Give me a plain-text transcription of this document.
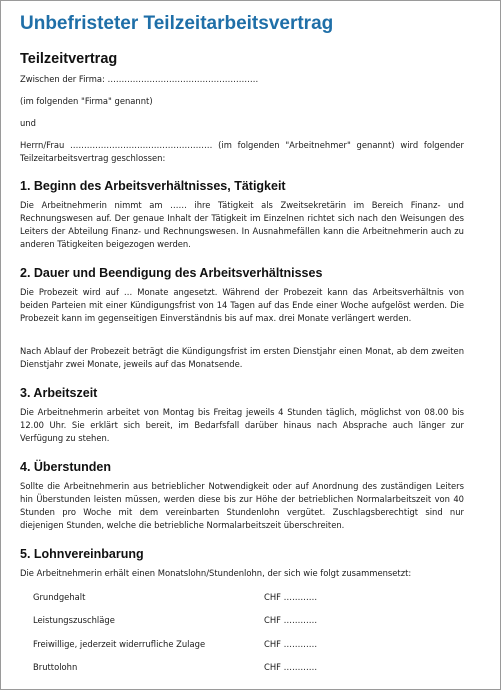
Unbefristeter Teilzeitarbeitsvertrag
Teilzeitvertrag
Zwischen der Firma: ………………………………………………
(im folgenden "Firma" genannt)
und
Herrn/Frau …………………………………………… (im folgenden "Arbeitnehmer" genannt) wird folgender Teilzeitarbeitsvertrag geschlossen:
1. Beginn des Arbeitsverhältnisses, Tätigkeit
Die Arbeitnehmerin nimmt am …… ihre Tätigkeit als Zweitsekretärin im Bereich Finanz- und Rechnungswesen auf. Der genaue Inhalt der Tätigkeit im Einzelnen richtet sich nach den Weisungen des Leiters der Abteilung Finanz- und Rechnungswesen. In Ausnahmefällen kann die Arbeitnehmerin auch zu anderen Tätigkeiten beigezogen werden.
2. Dauer und Beendigung des Arbeitsverhältnisses
Die Probezeit wird auf … Monate angesetzt. Während der Probezeit kann das Arbeitsverhältnis von beiden Parteien mit einer Kündigungsfrist von 14 Tagen auf das Ende einer Woche aufgelöst werden. Die Probezeit kann im gegenseitigen Einverständnis bis auf max. drei Monate verlängert werden.
Nach Ablauf der Probezeit beträgt die Kündigungsfrist im ersten Dienstjahr einen Monat, ab dem zweiten Dienstjahr zwei Monate, jeweils auf das Monatsende.
3. Arbeitszeit
Die Arbeitnehmerin arbeitet von Montag bis Freitag jeweils 4 Stunden täglich, möglichst von 08.00 bis 12.00 Uhr. Sie erklärt sich bereit, im Bedarfsfall darüber hinaus nach Absprache auch länger zur Verfügung zu stehen.
4. Überstunden
Sollte die Arbeitnehmerin aus betrieblicher Notwendigkeit oder auf Anordnung des zuständigen Leiters hin Überstunden leisten müssen, werden diese bis zur Höhe der betrieblichen Normalarbeitszeit von 40 Stunden pro Woche mit dem vereinbarten Stundenlohn vergütet. Zuschlagsberechtigt sind nur diejenigen Stunden, welche die betriebliche Normalarbeitszeit überschreiten.
5. Lohnvereinbarung
Die Arbeitnehmerin erhält einen Monatslohn/Stundenlohn, der sich wie folgt zusammensetzt:
Grundgehalt	CHF …………
Leistungszuschläge	CHF …………
Freiwillige, jederzeit widerrufliche Zulage	CHF …………
Bruttolohn	CHF …………
